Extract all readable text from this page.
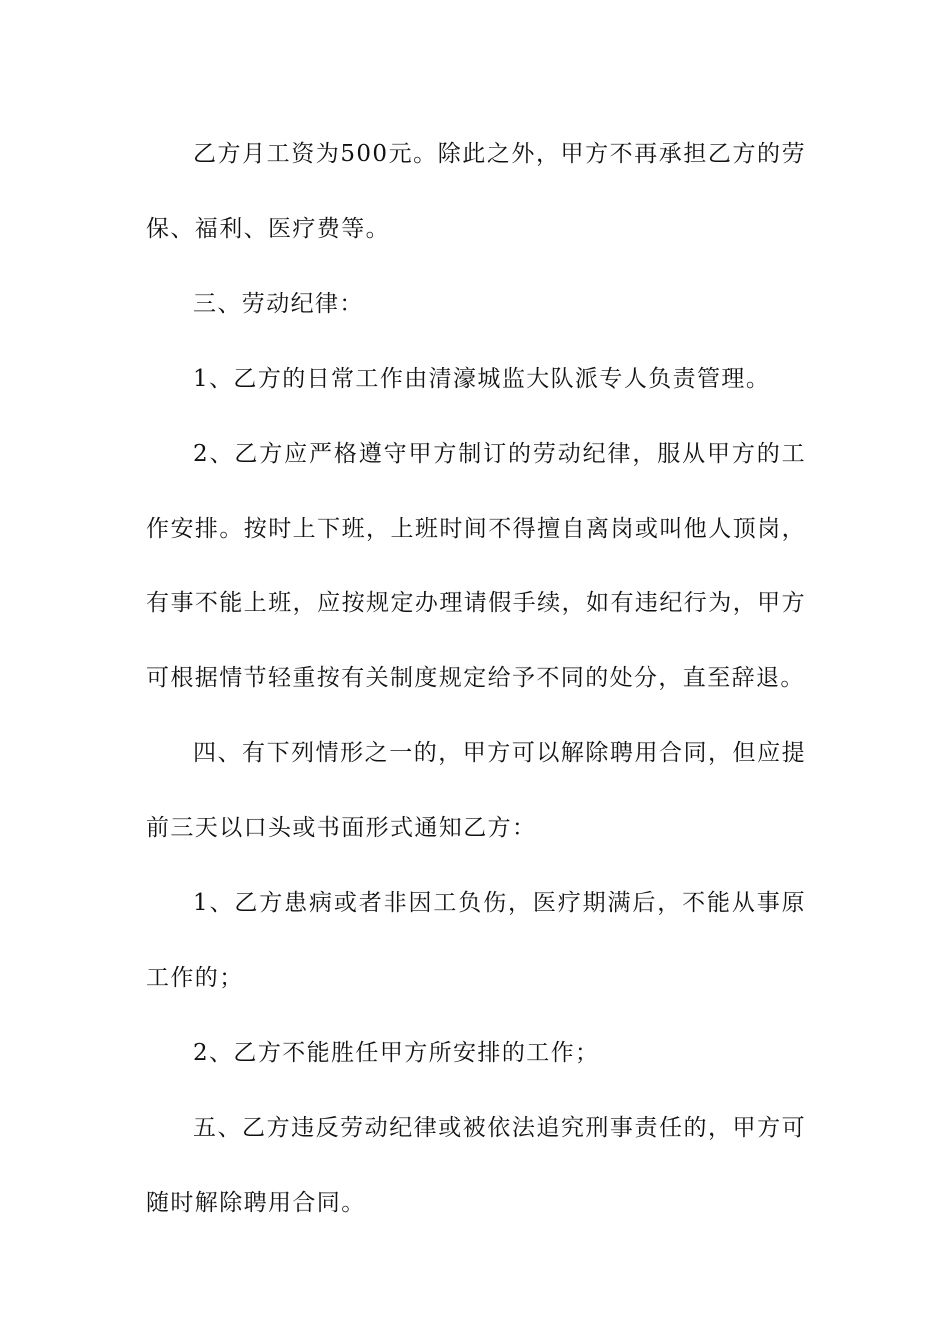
乙方月工资为500元。除此之外，甲方不再承担乙方的劳保、福利、医疗费等。

三、劳动纪律：

1、乙方的日常工作由清濠城监大队派专人负责管理。

2、乙方应严格遵守甲方制订的劳动纪律，服从甲方的工作安排。按时上下班，上班时间不得擅自离岗或叫他人顶岗，有事不能上班，应按规定办理请假手续，如有违纪行为，甲方可根据情节轻重按有关制度规定给予不同的处分，直至辞退。

四、有下列情形之一的，甲方可以解除聘用合同，但应提前三天以口头或书面形式通知乙方：

1、乙方患病或者非因工负伤，医疗期满后，不能从事原工作的；

2、乙方不能胜任甲方所安排的工作；

五、乙方违反劳动纪律或被依法追究刑事责任的，甲方可随时解除聘用合同。
